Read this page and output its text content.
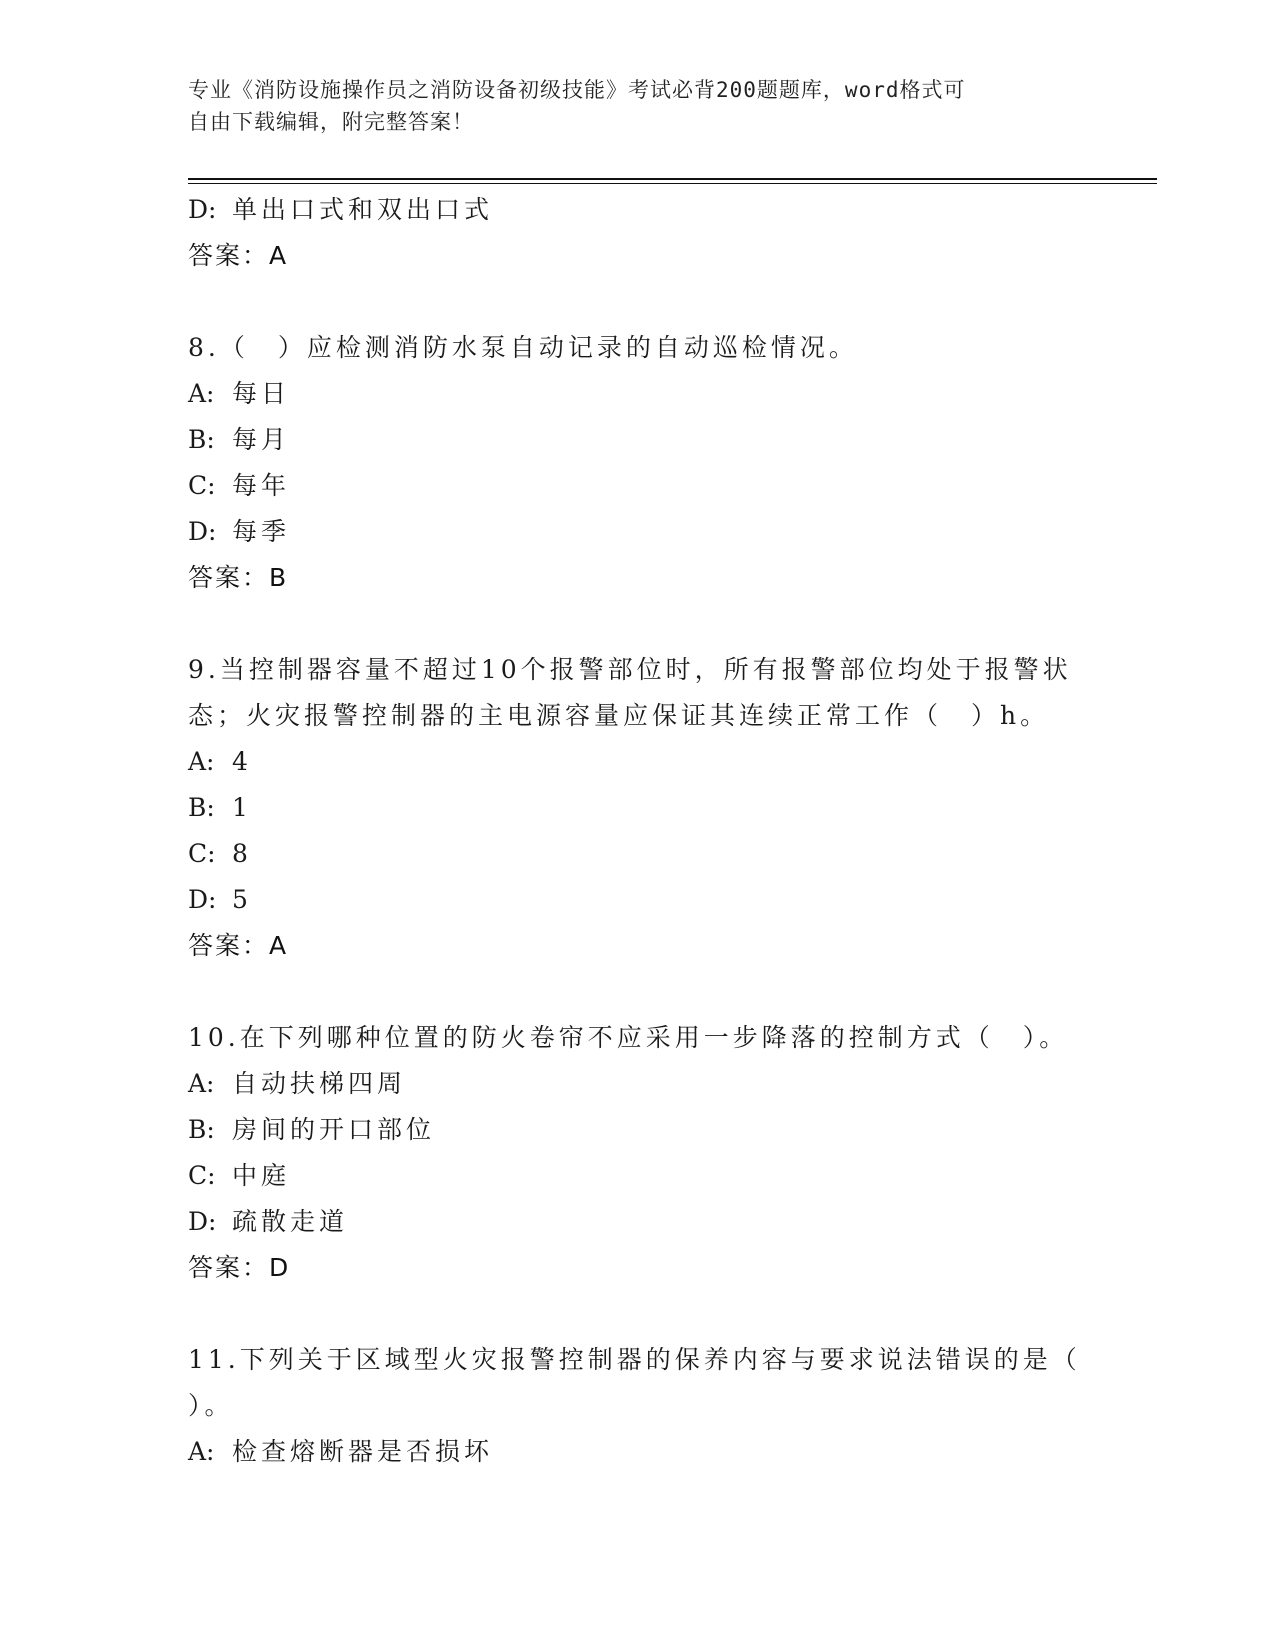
专业《消防设施操作员之消防设备初级技能》考试必背200题题库，word格式可
自由下载编辑，附完整答案！
D: 单出口式和双出口式
答案：A
8.（　）应检测消防水泵自动记录的自动巡检情况。
A: 每日
B: 每月
C: 每年
D: 每季
答案：B
9.当控制器容量不超过10个报警部位时，所有报警部位均处于报警状
态；火灾报警控制器的主电源容量应保证其连续正常工作（　）h。
A: 4
B: 1
C: 8
D: 5
答案：A
10.在下列哪种位置的防火卷帘不应采用一步降落的控制方式（　）。
A: 自动扶梯四周
B: 房间的开口部位
C: 中庭
D: 疏散走道
答案：D
11.下列关于区域型火灾报警控制器的保养内容与要求说法错误的是（
）。
A: 检查熔断器是否损坏
